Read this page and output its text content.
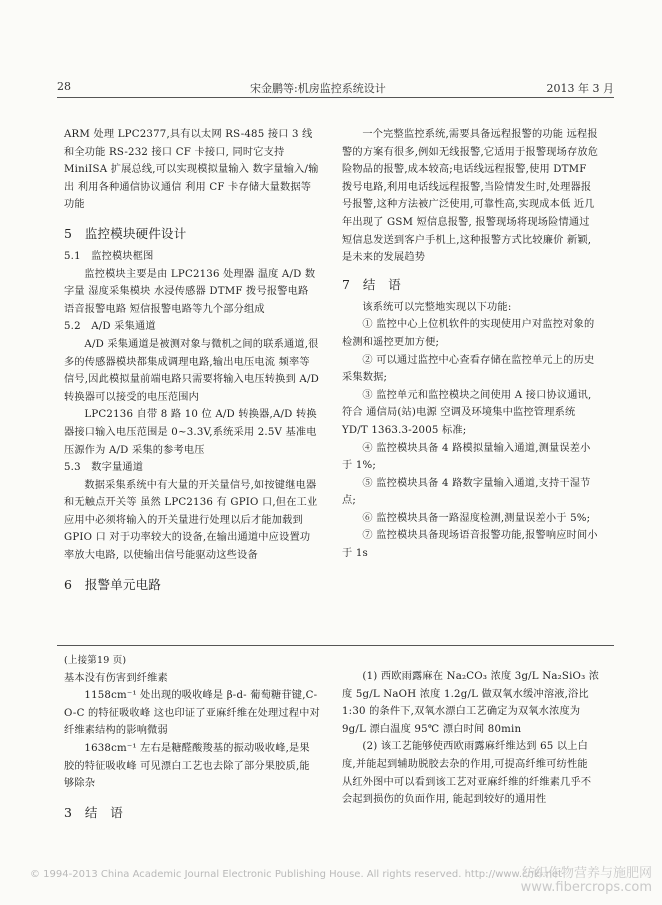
28	宋金鹏等:机房监控系统设计	2013 年 3 月

ARM 处理 LPC2377,具有以太网 RS-485 接口 3 线和全功能 RS-232 接口 CF 卡接口, 同时它支持 MiniISA 扩展总线,可以实现模拟量输入 数字量输入/输出 利用各种通信协议通信 利用 CF 卡存储大量数据等功能

5　监控模块硬件设计

5.1　监控模块框图

监控模块主要是由 LPC2136 处理器 温度 A/D 数字量 湿度采集模块 水浸传感器 DTMF 拨号报警电路 语音报警电路 短信报警电路等九个部分组成

5.2　A/D 采集通道

A/D 采集通道是被测对象与微机之间的联系通道,很多的传感器模块都集成调理电路,输出电压电流 频率等信号,因此模拟量前端电路只需要将输入电压转换到 A/D 转换器可以接受的电压范围内

LPC2136 自带 8 路 10 位 A/D 转换器,A/D 转换器接口输入电压范围是 0~3.3V,系统采用 2.5V 基准电压源作为 A/D 采集的参考电压

5.3　数字量通道

数据采集系统中有大量的开关量信号,如按键继电器和无触点开关等 虽然 LPC2136 有 GPIO 口,但在工业应用中必须将输入的开关量进行处理以后才能加载到 GPIO 口 对于功率较大的设备,在输出通道中应设置功率放大电路, 以使输出信号能驱动这些设备

6　报警单元电路

一个完整监控系统,需要具备远程报警的功能 远程报警的方案有很多,例如无线报警,它适用于报警现场存放危险物品的报警,成本较高;电话线远程报警,使用 DTMF 拨号电路,利用电话线远程报警,当险情发生时,处理器报号报警,这种方法被广泛使用,可靠性高,实现成本低 近几年出现了 GSM 短信息报警, 报警现场将现场险情通过短信息发送到客户手机上,这种报警方式比较廉价 新颖,是未来的发展趋势

7　结　语

该系统可以完整地实现以下功能:

① 监控中心上位机软件的实现使用户对监控对象的检测和遥控更加方便;

② 可以通过监控中心查看存储在监控单元上的历史采集数据;

③ 监控单元和监控模块之间使用 A 接口协议通讯,符合 通信局(站)电源 空调及环境集中监控管理系统 YD/T 1363.3-2005 标准;

④ 监控模块具备 4 路模拟量输入通道,测量误差小于 1%;

⑤ 监控模块具备 4 路数字量输入通道,支持干湿节点;

⑥ 监控模块具备一路湿度检测,测量误差小于 5%;

⑦ 监控模块具备现场语音报警功能,报警响应时间小于 1s

(上接第19 页)

基本没有伤害到纤维素

1158cm⁻¹ 处出现的吸收峰是 β-d- 葡萄糖苷键,C-O-C 的特征吸收峰 这也印证了亚麻纤维在处理过程中对纤维素结构的影响微弱

1638cm⁻¹ 左右是糖醛酸羧基的振动吸收峰,是果胶的特征吸收峰 可见漂白工艺也去除了部分果胶质,能够除杂

3　结　语

(1) 西欧雨露麻在 Na₂CO₃ 浓度 3g/L Na₂SiO₃ 浓度 5g/L NaOH 浓度 1.2g/L 做双氧水缓冲溶液,浴比 1:30 的条件下,双氧水漂白工艺确定为双氧水浓度为 9g/L 漂白温度 95℃ 漂白时间 80min

(2) 该工艺能够使西欧雨露麻纤维达到 65 以上白度,并能起到辅助脱胶去杂的作用,可提高纤维可纺性能 从红外图中可以看到该工艺对亚麻纤维的纤维素几乎不会起到损伤的负面作用, 能起到较好的通用性

© 1994-2013 China Academic Journal Electronic Publishing House. All rights reserved. http://www.cnki.net
纺织作物营养与施肥网
www.fibercrops.com
